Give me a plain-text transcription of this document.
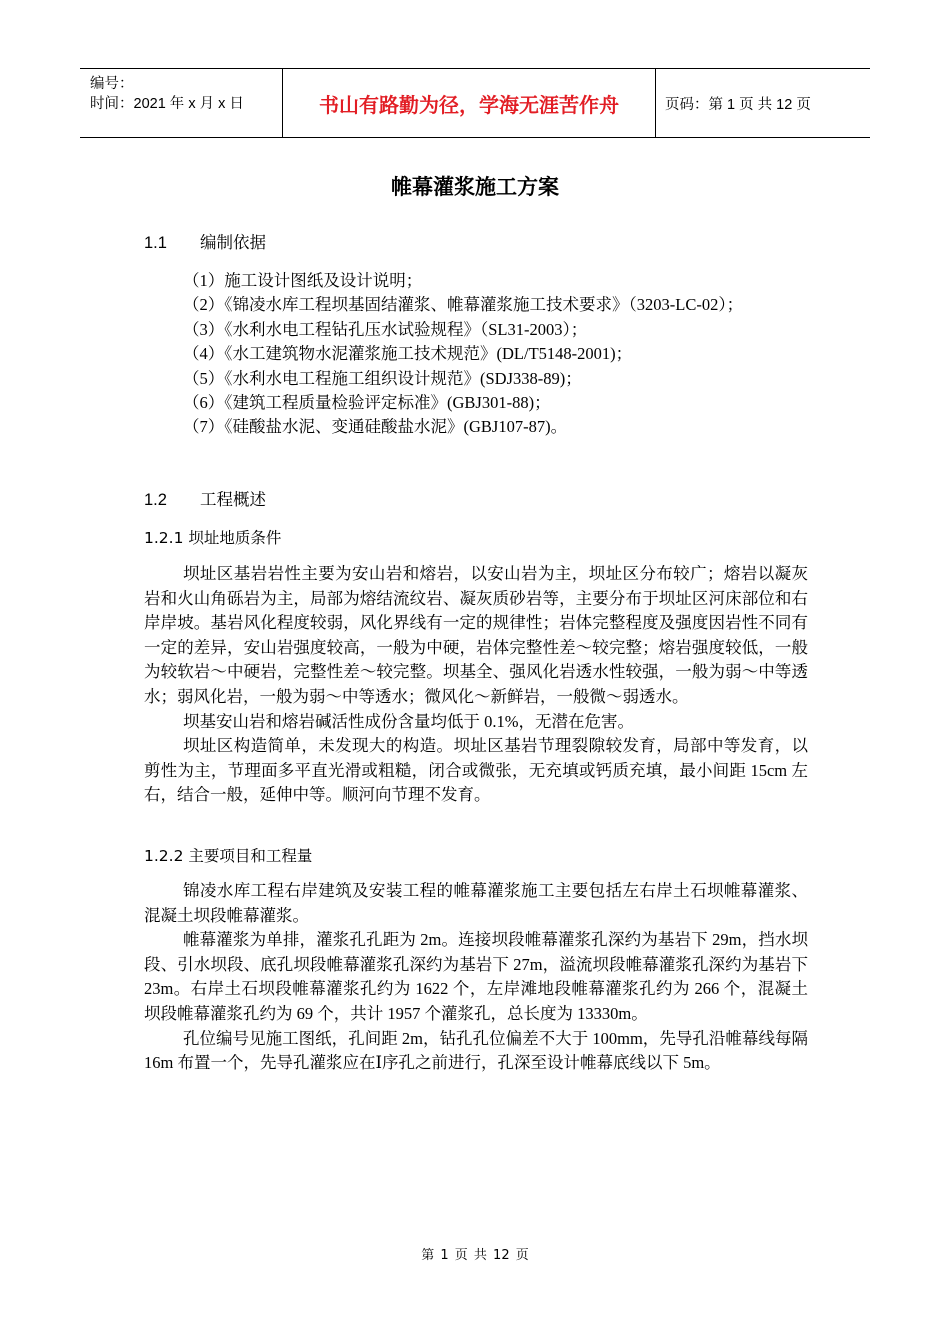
编号：
时间：2021 年 x 月 x 日	书山有路勤为径，学海无涯苦作舟	页码：第 1 页 共 12 页
帷幕灌浆施工方案
1.1 编制依据
（1）施工设计图纸及设计说明；
（2）《锦凌水库工程坝基固结灌浆、帷幕灌浆施工技术要求》（3203-LC-02）；
（3）《水利水电工程钻孔压水试验规程》（SL31-2003）；
（4）《水工建筑物水泥灌浆施工技术规范》(DL/T5148-2001)；
（5）《水利水电工程施工组织设计规范》(SDJ338-89)；
（6）《建筑工程质量检验评定标准》(GBJ301-88)；
（7）《硅酸盐水泥、变通硅酸盐水泥》(GBJ107-87)。
1.2 工程概述
1.2.1 坝址地质条件

坝址区基岩岩性主要为安山岩和熔岩，以安山岩为主，坝址区分布较广；熔岩以凝灰岩和火山角砾岩为主，局部为熔结流纹岩、凝灰质砂岩等，主要分布于坝址区河床部位和右岸岸坡。基岩风化程度较弱，风化界线有一定的规律性；岩体完整程度及强度因岩性不同有一定的差异，安山岩强度较高，一般为中硬，岩体完整性差～较完整；熔岩强度较低，一般为较软岩～中硬岩，完整性差～较完整。坝基全、强风化岩透水性较强，一般为弱～中等透水；弱风化岩，一般为弱～中等透水；微风化～新鲜岩，一般微～弱透水。

坝基安山岩和熔岩碱活性成份含量均低于 0.1%，无潜在危害。

坝址区构造简单，未发现大的构造。坝址区基岩节理裂隙较发育，局部中等发育，以剪性为主，节理面多平直光滑或粗糙，闭合或微张，无充填或钙质充填，最小间距 15cm 左右，结合一般，延伸中等。顺河向节理不发育。

1.2.2 主要项目和工程量

锦凌水库工程右岸建筑及安装工程的帷幕灌浆施工主要包括左右岸土石坝帷幕灌浆、混凝土坝段帷幕灌浆。

帷幕灌浆为单排，灌浆孔孔距为 2m。连接坝段帷幕灌浆孔深约为基岩下 29m，挡水坝段、引水坝段、底孔坝段帷幕灌浆孔深约为基岩下 27m，溢流坝段帷幕灌浆孔深约为基岩下 23m。右岸土石坝段帷幕灌浆孔约为 1622 个，左岸滩地段帷幕灌浆孔约为 266 个，混凝土坝段帷幕灌浆孔约为 69 个，共计 1957 个灌浆孔，总长度为 13330m。

孔位编号见施工图纸，孔间距 2m，钻孔孔位偏差不大于 100mm，先导孔沿帷幕线每隔 16m 布置一个，先导孔灌浆应在Ⅰ序孔之前进行，孔深至设计帷幕底线以下 5m。

第 1 页 共 12 页
